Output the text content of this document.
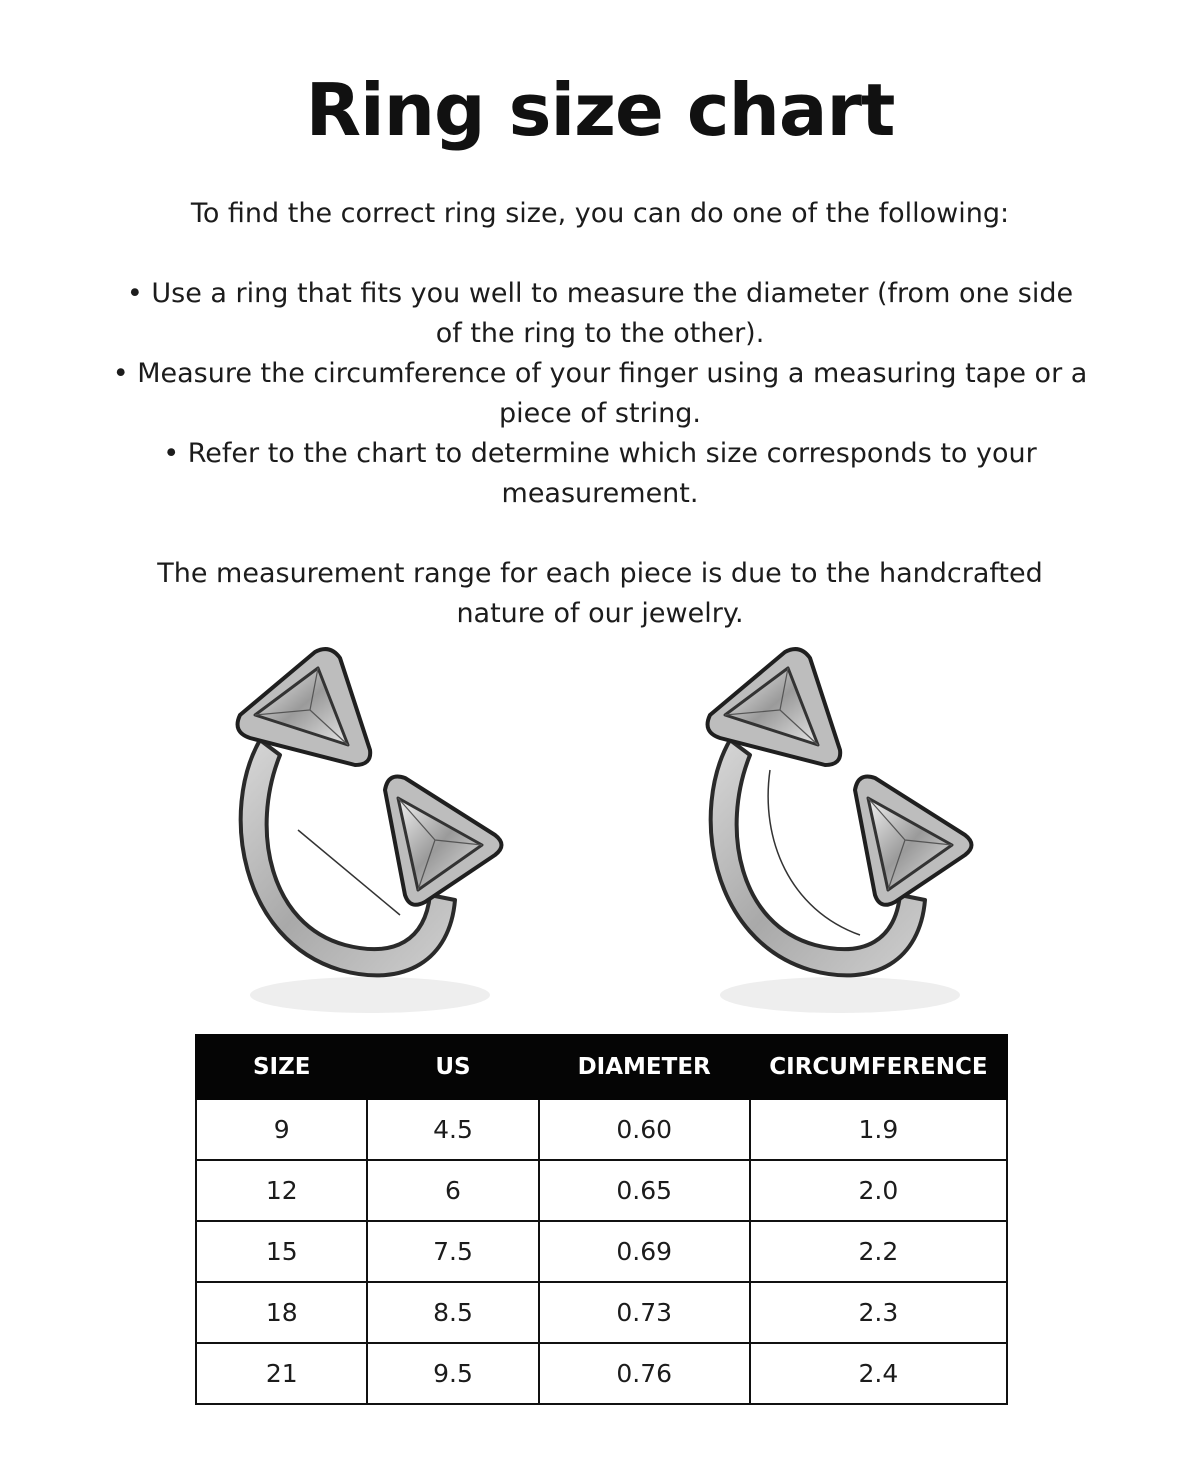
Ring size chart

To find the correct ring size, you can do one of the following:

• Use a ring that fits you well to measure the diameter (from one side of the ring to the other).
• Measure the circumference of your finger using a measuring tape or a piece of string.
• Refer to the chart to determine which size corresponds to your measurement.

The measurement range for each piece is due to the handcrafted nature of our jewelry.

SIZE	US	DIAMETER	CIRCUMFERENCE
9	4.5	0.60	1.9
12	6	0.65	2.0
15	7.5	0.69	2.2
18	8.5	0.73	2.3
21	9.5	0.76	2.4
